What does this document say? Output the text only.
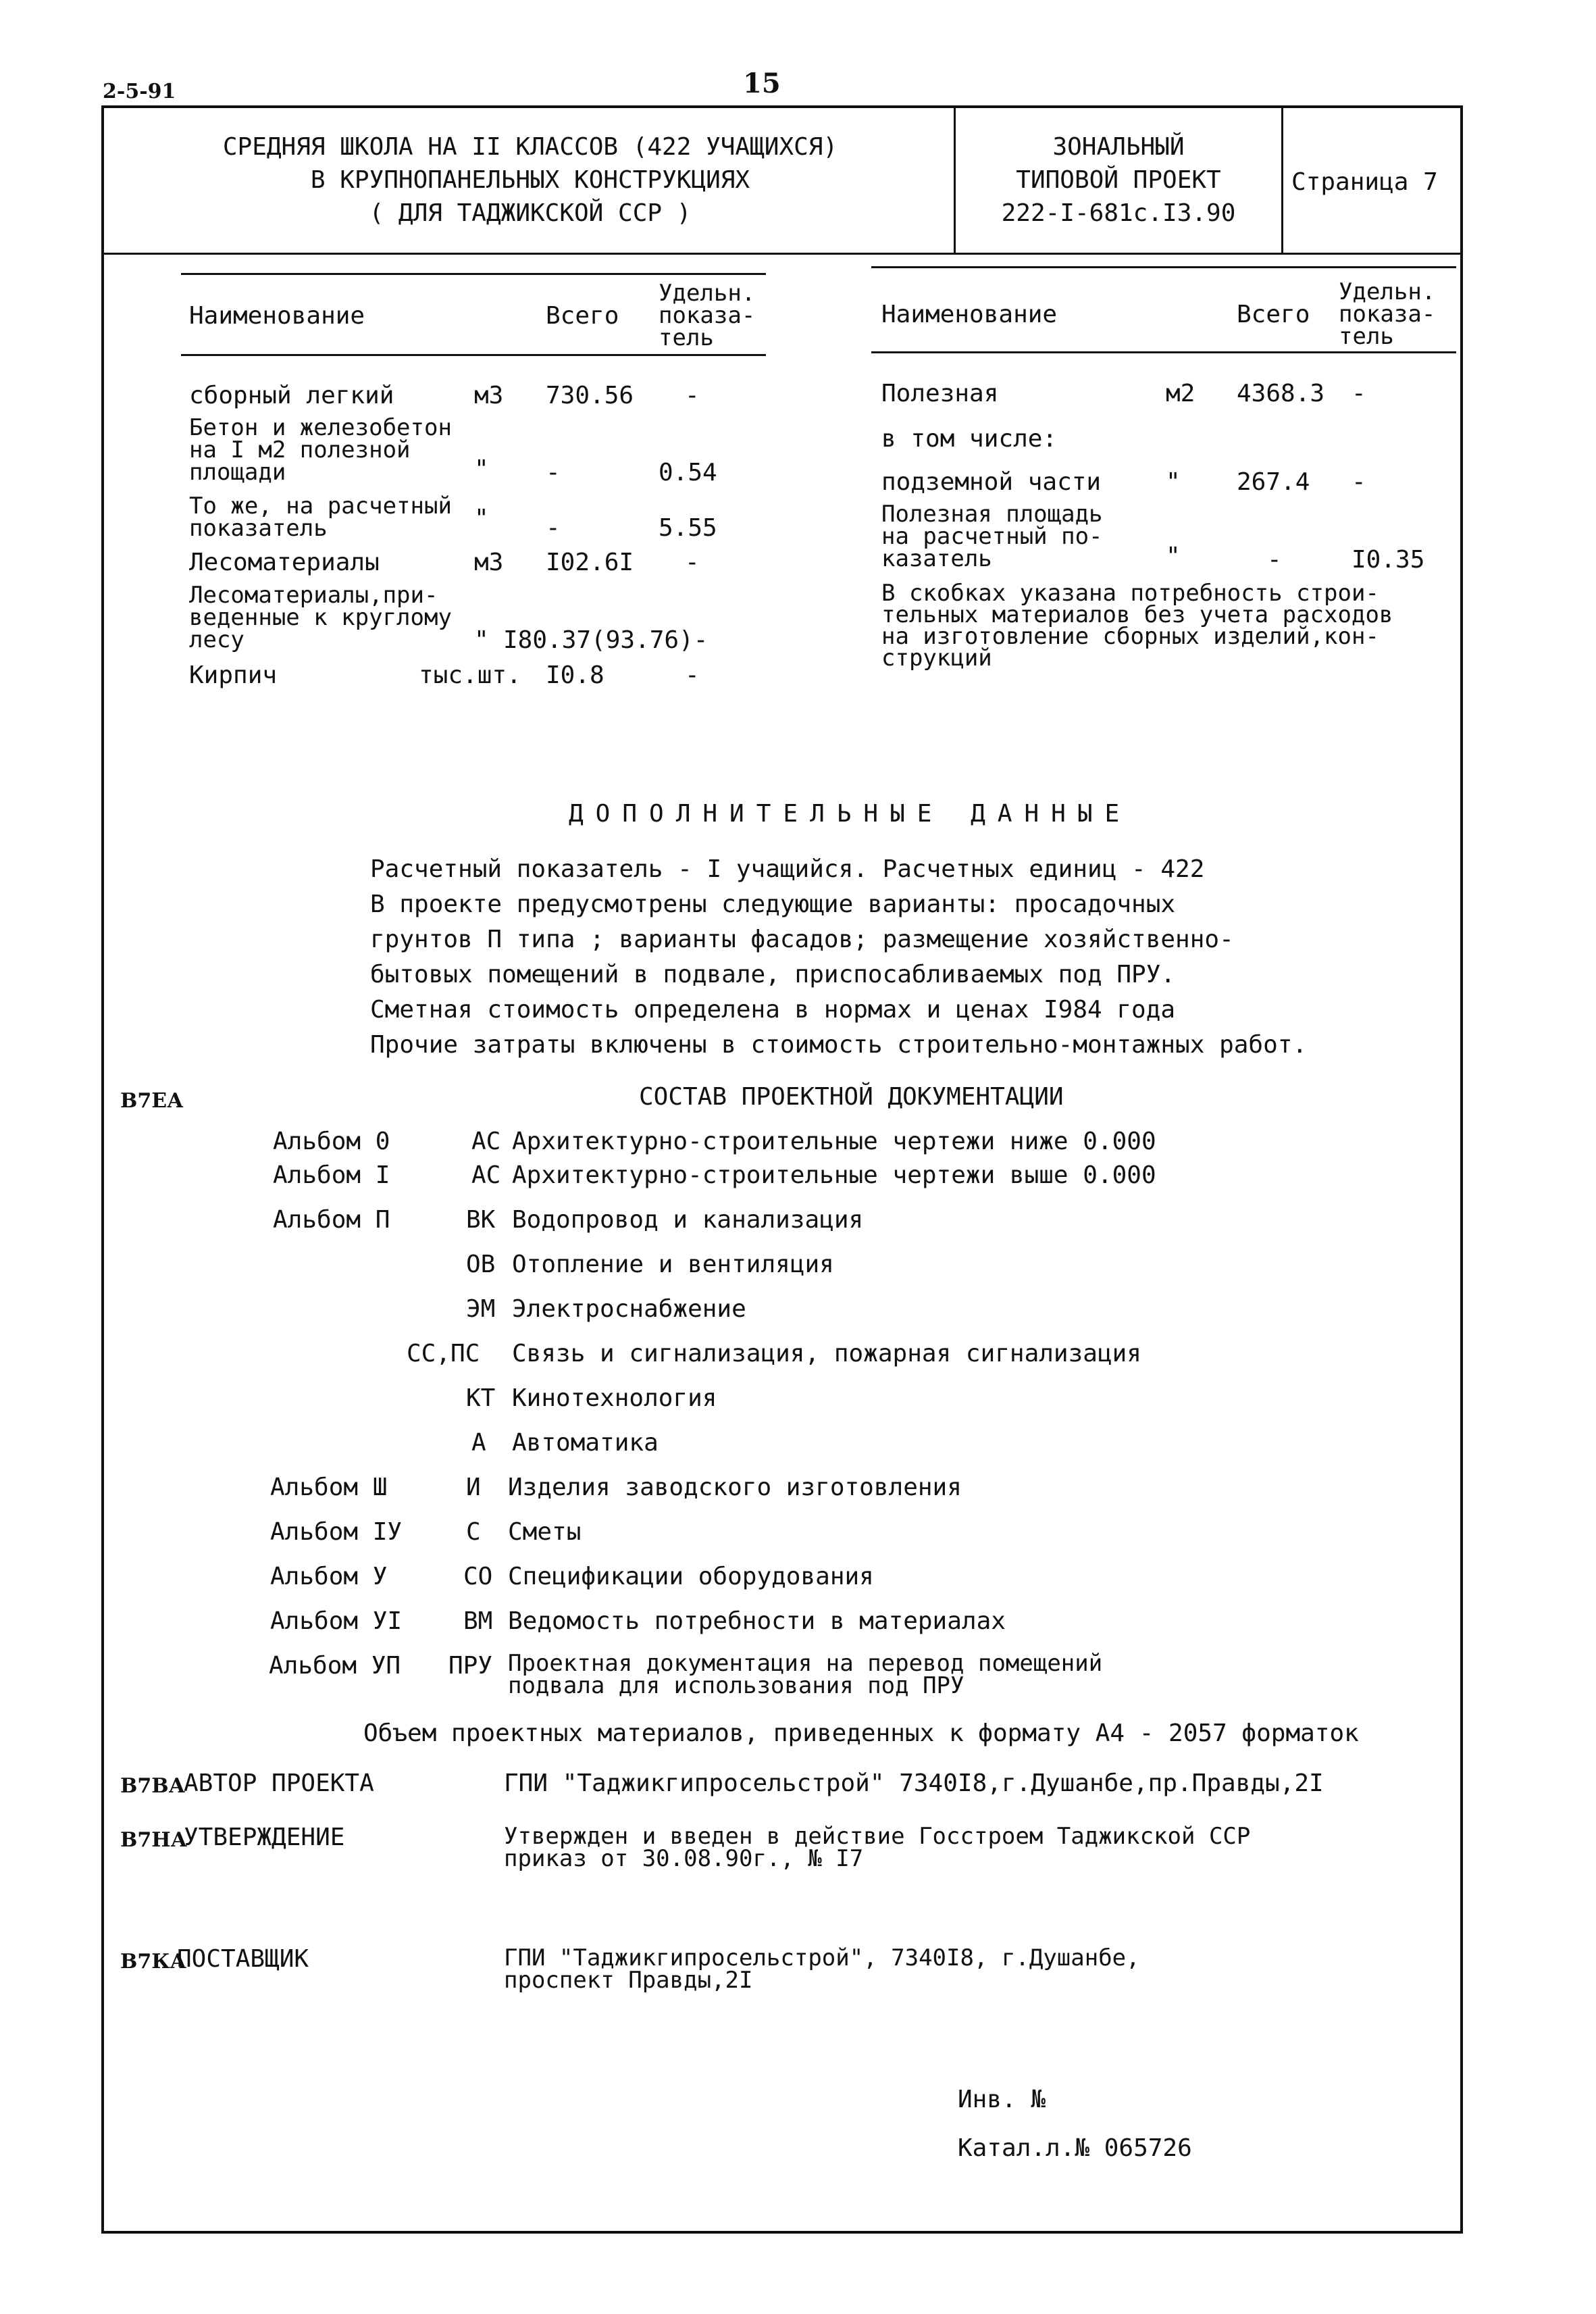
2-5-91	15
СРЕДНЯЯ ШКОЛА НА II КЛАССОВ (422 УЧАЩИХСЯ)
В КРУПНОПАНЕЛЬНЫХ КОНСТРУКЦИЯХ
( ДЛЯ ТАДЖИКСКОЙ ССР )
ЗОНАЛЬНЫЙ
ТИПОВОЙ ПРОЕКТ
222-I-681с.I3.90
Страница 7
Наименование	Всего
Удельн.
показа-
тель
сборный легкий	м3 730.56 -
Бетон и железобетон
на I м2 полезной
площади	" -	0.54
То же, на расчетный
показатель	" -	5.55
Лесоматериалы	м3 I02.6I -
Лесоматериалы,при-
веденные к круглому
лесу	" I80.37(93.76)-
Кирпич	тыс.шт. I0.8	-
Наименование	Всего
Удельн.
показа-
тель
Полезная	м2 4368.3 -
в том числе:
подземной части	" 267.4 -
Полезная площадь
на расчетный по-
казатель	"	-	I0.35
В скобках указана потребность строи-
тельных материалов без учета расходов
на изготовление сборных изделий,кон-
струкций
ДОПОЛНИТЕЛЬНЫЕ ДАННЫЕ
Расчетный показатель - I учащийся. Расчетных единиц - 422
В проекте предусмотрены следующие варианты: просадочных
грунтов П типа ; варианты фасадов; размещение хозяйственно-
бытовых помещений в подвале, приспосабливаемых под ПРУ.
Сметная стоимость определена в нормах и ценах I984 года
Прочие затраты включены в стоимость строительно-монтажных работ.
В7ЕА	СОСТАВ ПРОЕКТНОЙ ДОКУМЕНТАЦИИ
Альбом 0	АС Архитектурно-строительные чертежи ниже 0.000
Альбом I	АС Архитектурно-строительные чертежи выше 0.000
Альбом П	ВК Водопровод и канализация
ОВ Отопление и вентиляция
ЭМ Электроснабжение
СС,ПС Связь и сигнализация, пожарная сигнализация
КТ Кинотехнология
А Автоматика
Альбом Ш	И Изделия заводского изготовления
Альбом IУ	С Сметы
Альбом У	СО Спецификации оборудования
Альбом УI	ВМ Ведомость потребности в материалах
Альбом УП ПРУ Проектная документация на перевод помещений
подвала для использования под ПРУ
Объем проектных материалов, приведенных к формату А4 - 2057 форматок
В7ВА
АВТОР ПРОЕКТА	ГПИ "Таджикгипросельстрой" 7340I8,г.Душанбе,пр.Правды,2I
В7НА
УТВЕРЖДЕНИЕ	Утвержден и введен в действие Госстроем Таджикской ССР
приказ от 30.08.90г., № I7
В7КА
ПОСТАВЩИК	ГПИ "Таджикгипросельстрой", 7340I8, г.Душанбе,
проспект Правды,2I
Инв. №
Катал.л.№ 065726
